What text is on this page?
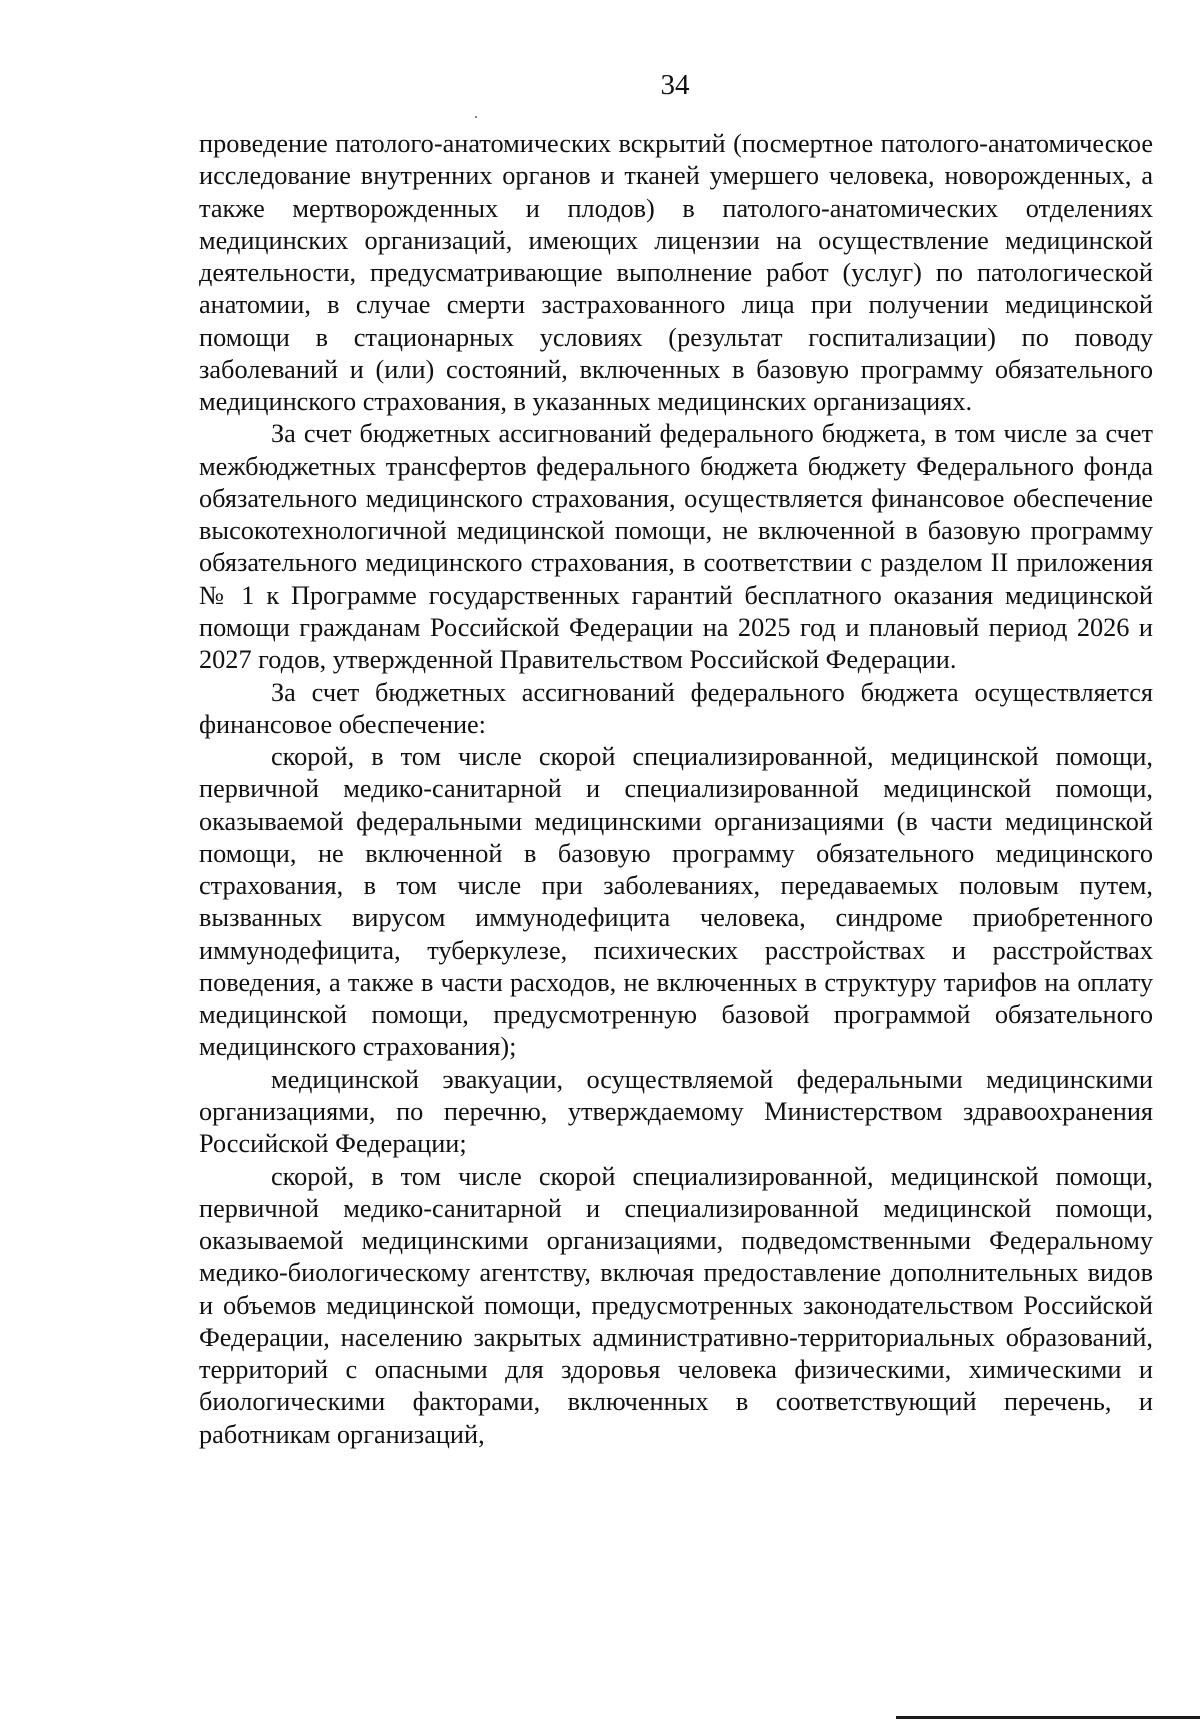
34

проведение патолого-анатомических вскрытий (посмертное патолого-анатомическое исследование внутренних органов и тканей умершего человека, новорожденных, а также мертворожденных и плодов) в патолого-анатомических отделениях медицинских организаций, имеющих лицензии на осуществление медицинской деятельности, предусматривающие выполнение работ (услуг) по патологической анатомии, в случае смерти застрахованного лица при получении медицинской помощи в стационарных условиях (результат госпитализации) по поводу заболеваний и (или) состояний, включенных в базовую программу обязательного медицинского страхования, в указанных медицинских организациях.

За счет бюджетных ассигнований федерального бюджета, в том числе за счет межбюджетных трансфертов федерального бюджета бюджету Федерального фонда обязательного медицинского страхования, осуществляется финансовое обеспечение высокотехнологичной медицинской помощи, не включенной в базовую программу обязательного медицинского страхования, в соответствии с разделом II приложения № 1 к Программе государственных гарантий бесплатного оказания медицинской помощи гражданам Российской Федерации на 2025 год и плановый период 2026 и 2027 годов, утвержденной Правительством Российской Федерации.

За счет бюджетных ассигнований федерального бюджета осуществляется финансовое обеспечение:

скорой, в том числе скорой специализированной, медицинской помощи, первичной медико-санитарной и специализированной медицинской помощи, оказываемой федеральными медицинскими организациями (в части медицинской помощи, не включенной в базовую программу обязательного медицинского страхования, в том числе при заболеваниях, передаваемых половым путем, вызванных вирусом иммунодефицита человека, синдроме приобретенного иммунодефицита, туберкулезе, психических расстройствах и расстройствах поведения, а также в части расходов, не включенных в структуру тарифов на оплату медицинской помощи, предусмотренную базовой программой обязательного медицинского страхования);

медицинской эвакуации, осуществляемой федеральными медицинскими организациями, по перечню, утверждаемому Министерством здравоохранения Российской Федерации;

скорой, в том числе скорой специализированной, медицинской помощи, первичной медико-санитарной и специализированной медицинской помощи, оказываемой медицинскими организациями, подведомственными Федеральному медико-биологическому агентству, включая предоставление дополнительных видов и объемов медицинской помощи, предусмотренных законодательством Российской Федерации, населению закрытых административно-территориальных образований, территорий с опасными для здоровья человека физическими, химическими и биологическими факторами, включенных в соответствующий перечень, и работникам организаций,
